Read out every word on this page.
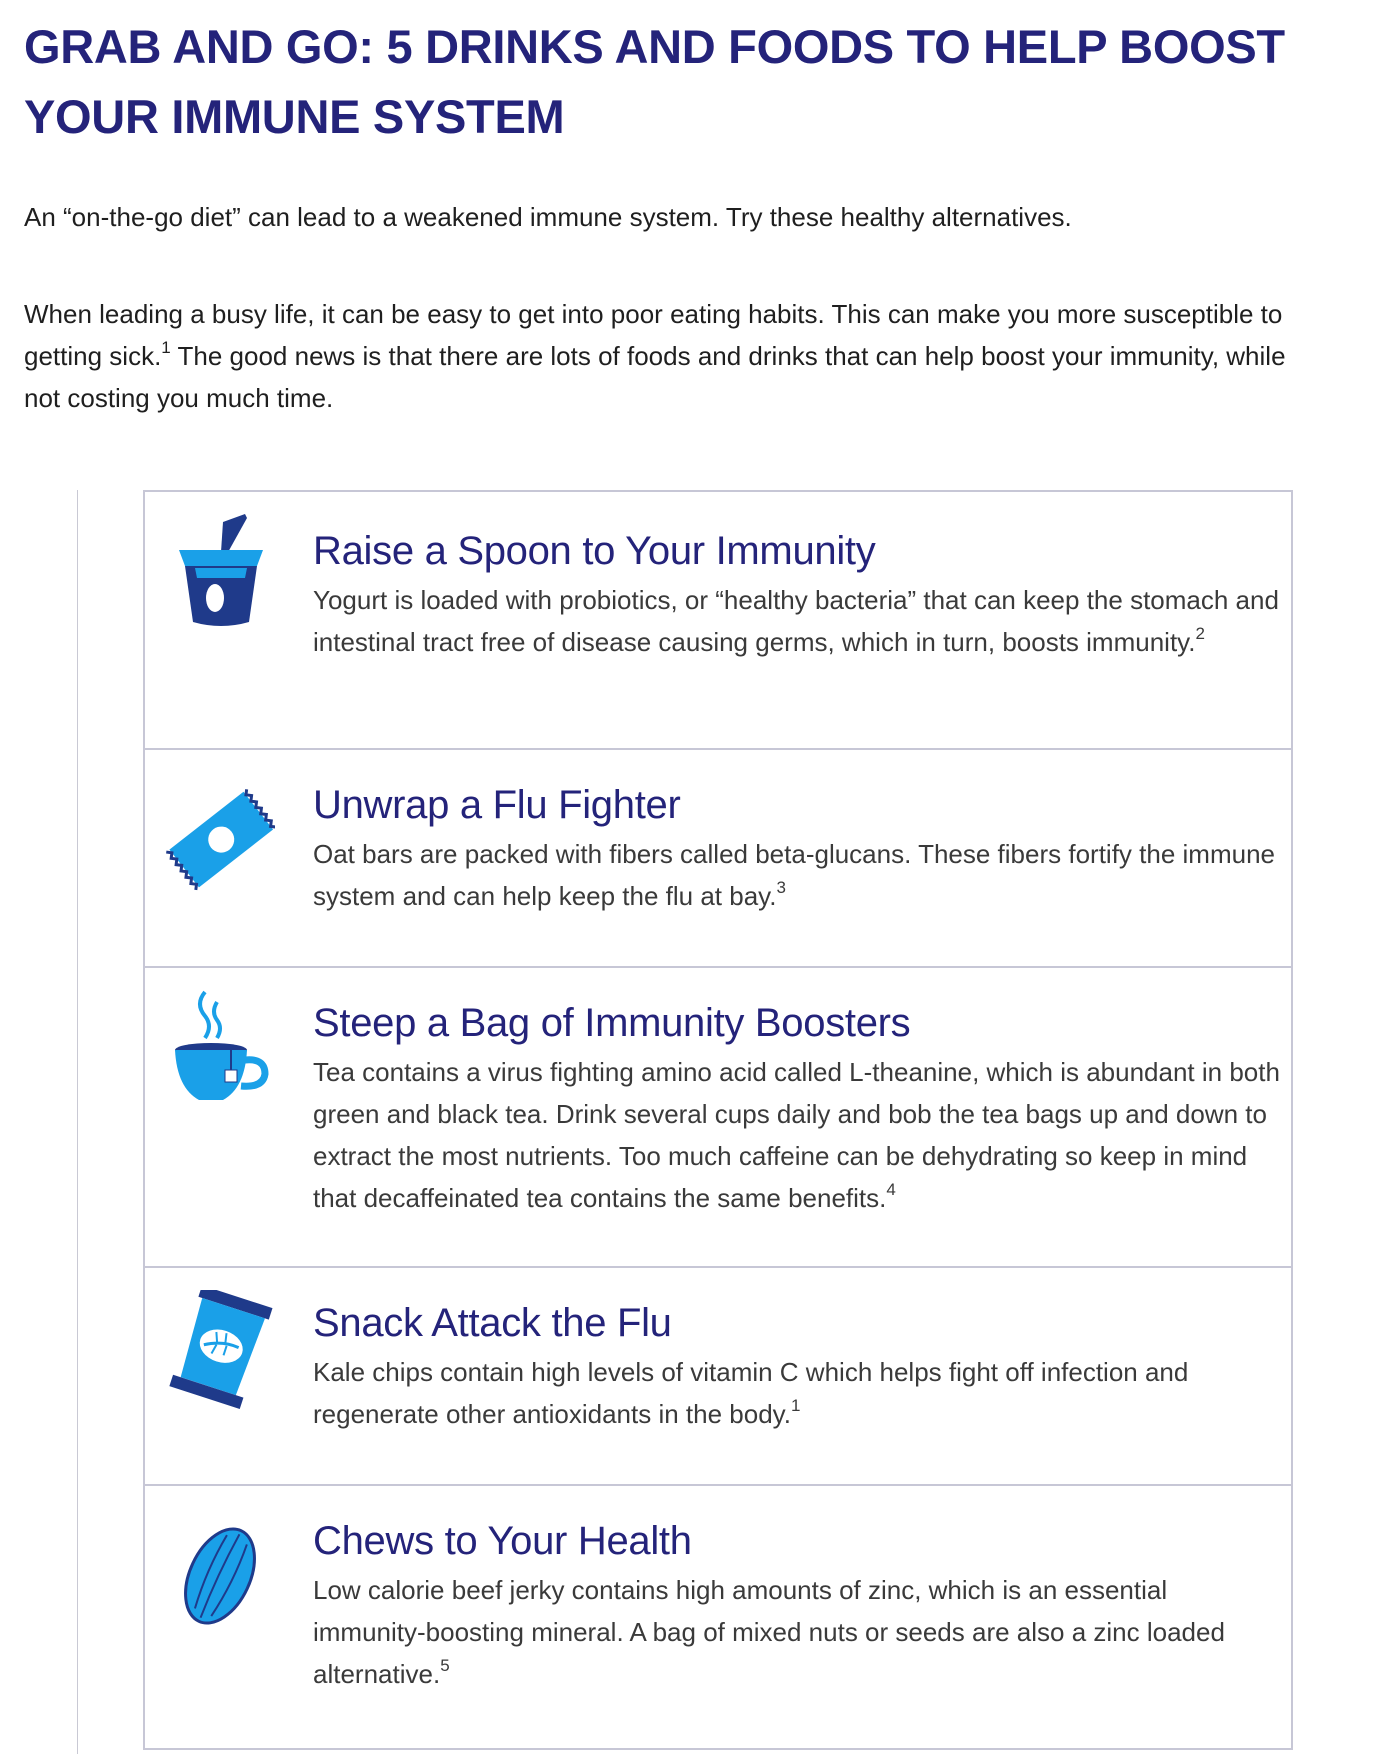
GRAB AND GO: 5 DRINKS AND FOODS TO HELP BOOST YOUR IMMUNE SYSTEM

An “on-the-go diet” can lead to a weakened immune system. Try these healthy alternatives.

When leading a busy life, it can be easy to get into poor eating habits. This can make you more susceptible to getting sick.$^1$ The good news is that there are lots of foods and drinks that can help boost your immunity, while not costing you much time.

Raise a Spoon to Your Immunity

Yogurt is loaded with probiotics, or “healthy bacteria” that can keep the stomach and intestinal tract free of disease causing germs, which in turn, boosts immunity.$^2$

Unwrap a Flu Fighter

Oat bars are packed with fibers called beta-glucans. These fibers fortify the immune system and can help keep the flu at bay.$^3$

Steep a Bag of Immunity Boosters

Tea contains a virus fighting amino acid called L-theanine, which is abundant in both green and black tea. Drink several cups daily and bob the tea bags up and down to extract the most nutrients. Too much caffeine can be dehydrating so keep in mind that decaffeinated tea contains the same benefits.$^4$

Snack Attack the Flu

Kale chips contain high levels of vitamin C which helps fight off infection and regenerate other antioxidants in the body.$^1$

Chews to Your Health

Low calorie beef jerky contains high amounts of zinc, which is an essential immunity-boosting mineral. A bag of mixed nuts or seeds are also a zinc loaded alternative.$^5$
